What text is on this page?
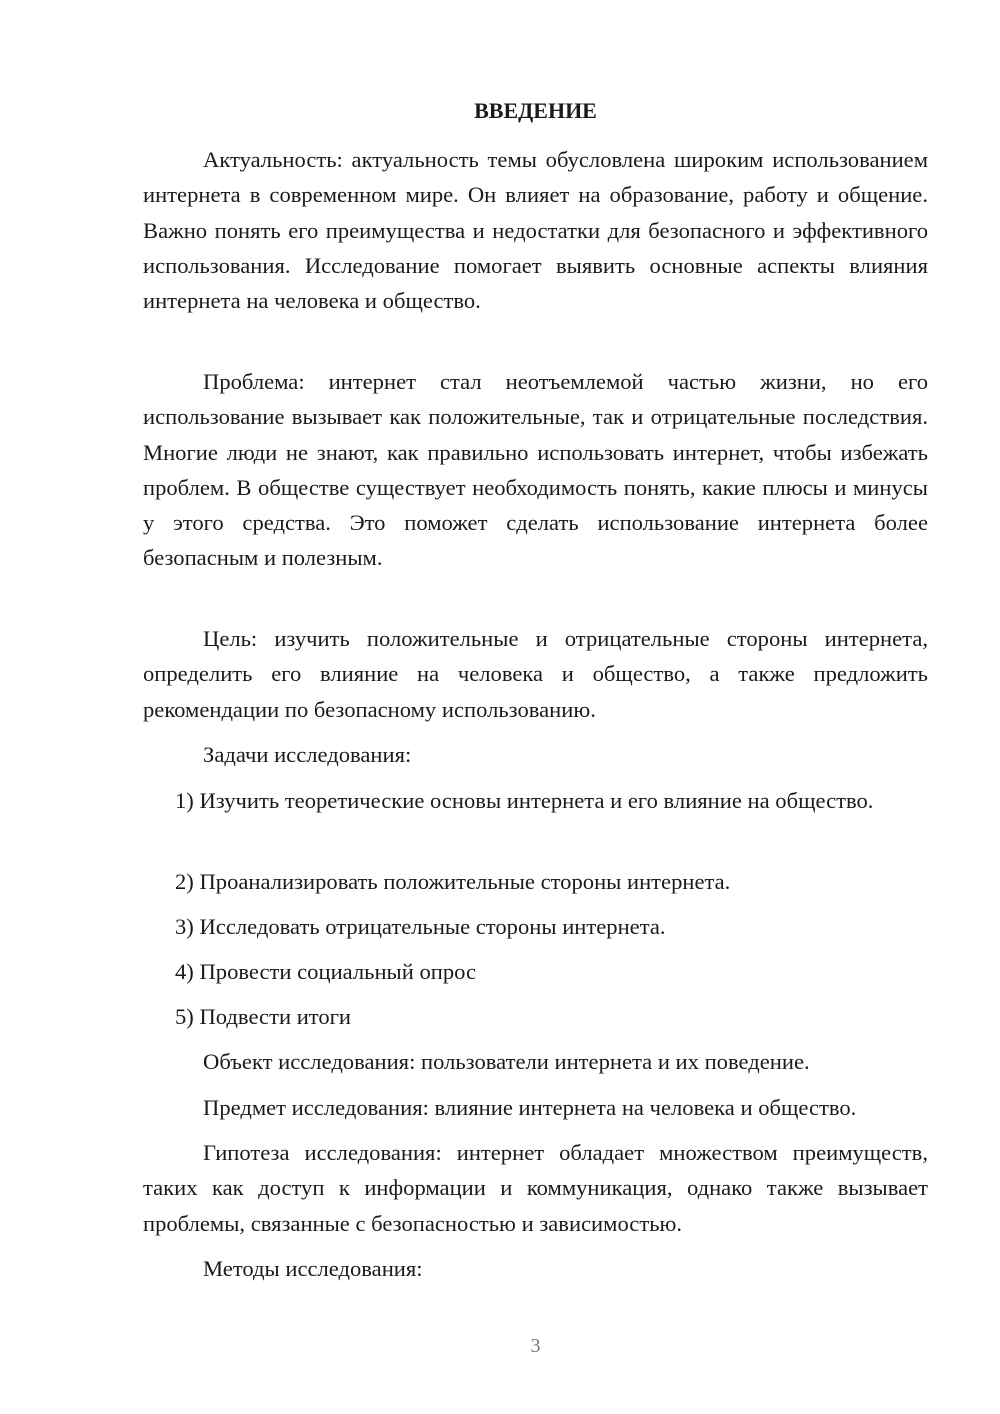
ВВЕДЕНИЕ

Актуальность: актуальность темы обусловлена широким использованием интернета в современном мире. Он влияет на образование, работу и общение. Важно понять его преимущества и недостатки для безопасного и эффективного использования. Исследование помогает выявить основные аспекты влияния интернета на человека и общество.

Проблема: интернет стал неотъемлемой частью жизни, но его использование вызывает как положительные, так и отрицательные последствия. Многие люди не знают, как правильно использовать интернет, чтобы избежать проблем. В обществе существует необходимость понять, какие плюсы и минусы у этого средства. Это поможет сделать использование интернета более безопасным и полезным.

Цель: изучить положительные и отрицательные стороны интернета, определить его влияние на человека и общество, а также предложить рекомендации по безопасному использованию.

Задачи исследования:

1) Изучить теоретические основы интернета и его влияние на общество.

2) Проанализировать положительные стороны интернета.

3) Исследовать отрицательные стороны интернета.

4) Провести социальный опрос

5) Подвести итоги

Объект исследования: пользователи интернета и их поведение.

Предмет исследования: влияние интернета на человека и общество.

Гипотеза исследования: интернет обладает множеством преимуществ, таких как доступ к информации и коммуникация, однако также вызывает проблемы, связанные с безопасностью и зависимостью.

Методы исследования:

3
